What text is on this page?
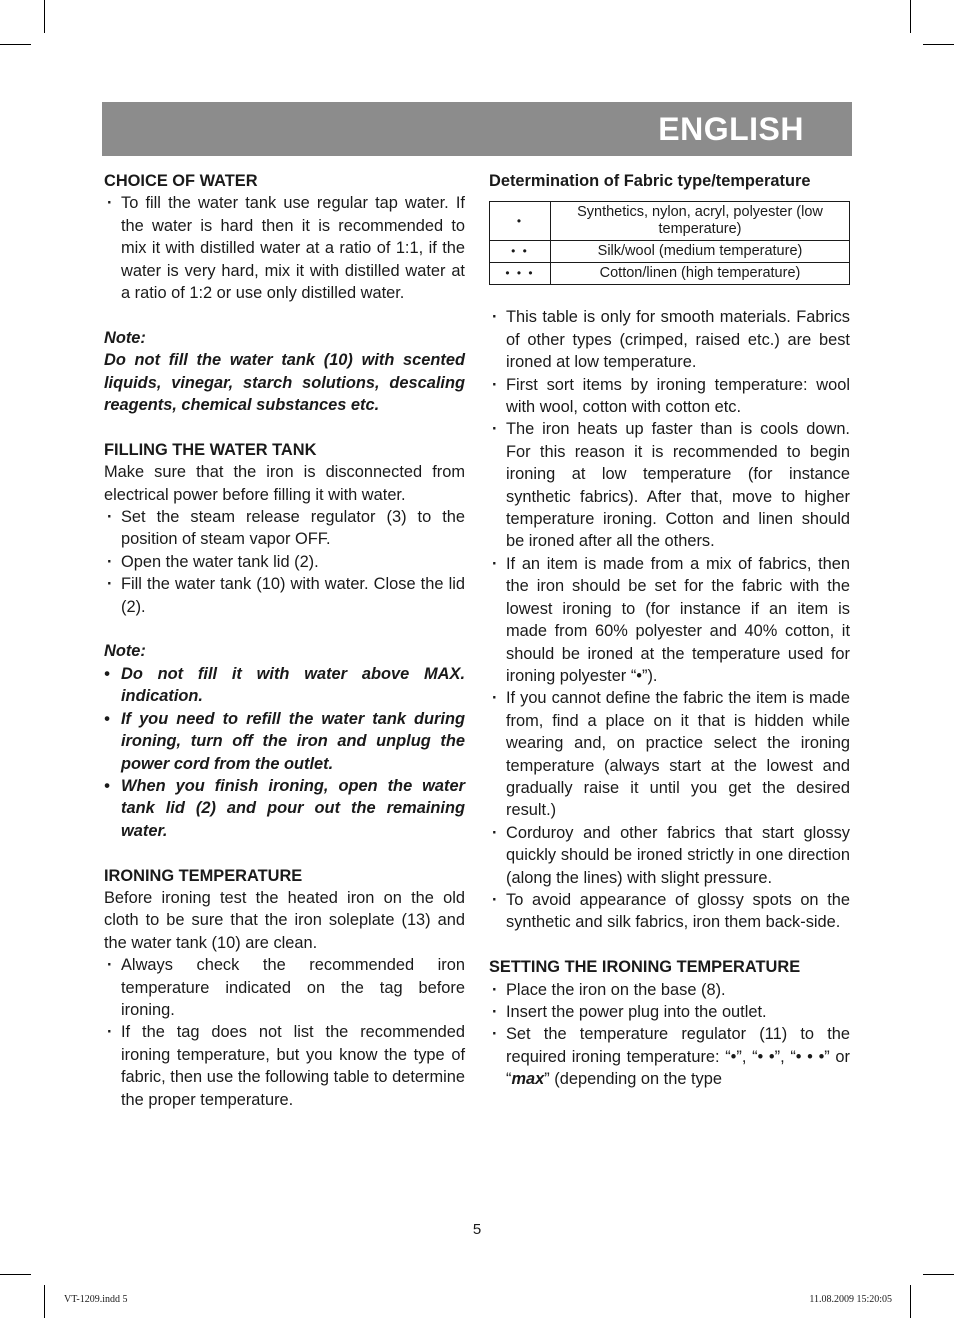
ENGLISH
CHOICE OF WATER
· To fill the water tank use regular tap water. If the water is hard then it is recommended to mix it with distilled water at a ratio of 1:1, if the water is very hard, mix it with distilled water at a ratio of 1:2 or use only distilled water.

Note:

Do not fill the water tank (10) with scented liquids, vinegar, starch solutions, descaling reagents, chemical substances etc.

FILLING THE WATER TANK

Make sure that the iron is disconnected from electrical power before filling it with water.

· Set the steam release regulator (3) to the position of steam vapor OFF.
· Open the water tank lid (2).
· Fill the water tank (10) with water. Close the lid (2).

Note:

• Do not fill it with water above MAX. indication.
• If you need to refill the water tank during ironing, turn off the iron and unplug the power cord from the outlet.
• When you finish ironing, open the water tank lid (2) and pour out the remaining water.
IRONING TEMPERATURE

Before ironing test the heated iron on the old cloth to be sure that the iron soleplate (13) and the water tank (10) are clean.

· Always check the recommended iron temperature indicated on the tag before ironing.
· If the tag does not list the recommended ironing temperature, but you know the type of fabric, then use the following table to determine the proper temperature.
Determination of Fabric type/temperature
•	Synthetics, nylon, acryl, polyester (low temperature)
• •	Silk/wool (medium temperature)
• • •	Cotton/linen (high temperature)
· This table is only for smooth materials. Fabrics of other types (crimped, raised etc.) are best ironed at low temperature.
· First sort items by ironing temperature: wool with wool, cotton with cotton etc.
· The iron heats up faster than is cools down. For this reason it is recommended to begin ironing at low temperature (for instance synthetic fabrics). After that, move to higher temperature ironing. Cotton and linen should be ironed after all the others.
· If an item is made from a mix of fabrics, then the iron should be set for the fabric with the lowest ironing to (for instance if an item is made from 60% polyester and 40% cotton, it should be ironed at the temperature used for ironing polyester “•”).
· If you cannot define the fabric the item is made from, find a place on it that is hidden while wearing and, on practice select the ironing temperature (always start at the lowest and gradually raise it until you get the desired result.)
· Corduroy and other fabrics that start glossy quickly should be ironed strictly in one direction (along the lines) with slight pressure.
· To avoid appearance of glossy spots on the synthetic and silk fabrics, iron them back-side.
SETTING THE IRONING TEMPERATURE
· Place the iron on the base (8).
· Insert the power plug into the outlet.
· Set the temperature regulator (11) to the required ironing temperature: “•”, “• •”, “• • •” or “max” (depending on the type
5
VT-1209.indd 5	11.08.2009 15:20:05
